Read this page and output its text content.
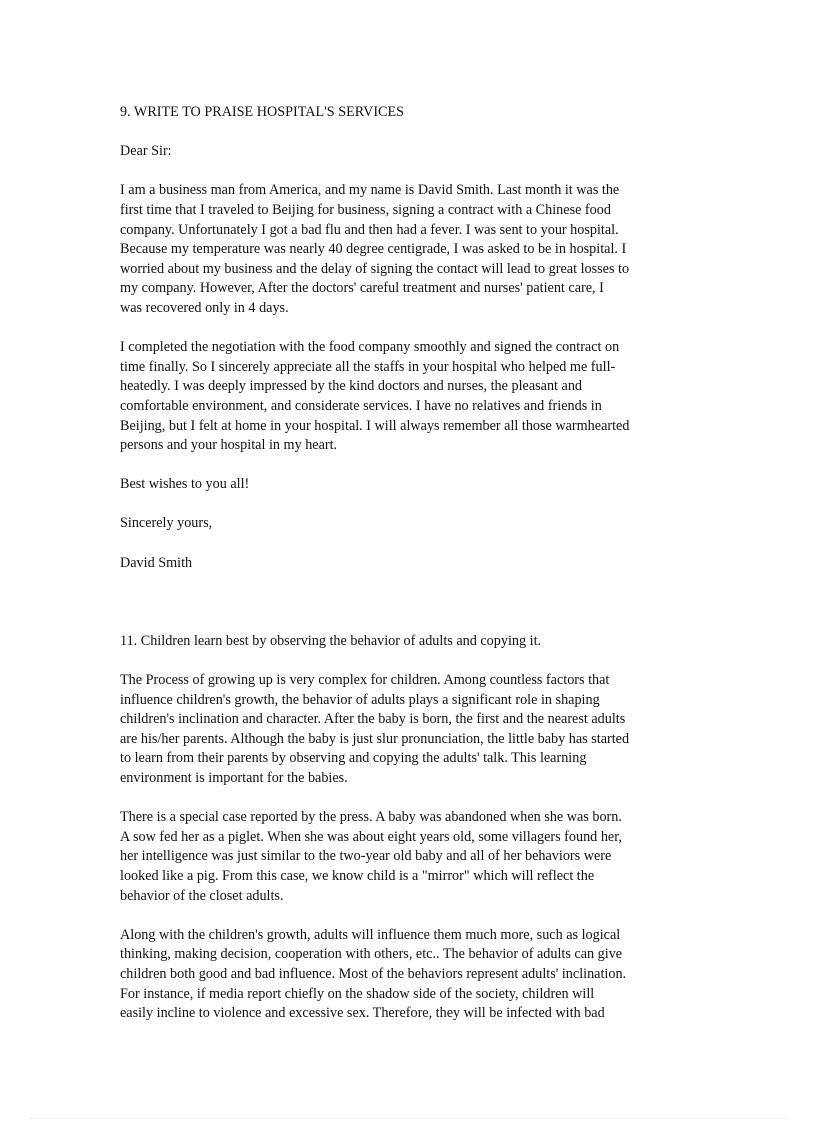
9. WRITE TO PRAISE HOSPITAL'S SERVICES
Dear Sir:
I am a business man from America, and my name is David Smith. Last month it was the
first time that I traveled to Beijing for business, signing a contract with a Chinese food
company. Unfortunately I got a bad flu and then had a fever. I was sent to your hospital.
Because my temperature was nearly 40 degree centigrade, I was asked to be in hospital. I
worried about my business and the delay of signing the contact will lead to great losses to
my company. However, After the doctors' careful treatment and nurses' patient care, I
was recovered only in 4 days.
I completed the negotiation with the food company smoothly and signed the contract on
time finally. So I sincerely appreciate all the staffs in your hospital who helped me full-
heatedly. I was deeply impressed by the kind doctors and nurses, the pleasant and
comfortable environment, and considerate services. I have no relatives and friends in
Beijing, but I felt at home in your hospital. I will always remember all those warmhearted
persons and your hospital in my heart.
Best wishes to you all!
Sincerely yours,
David Smith
11. Children learn best by observing the behavior of adults and copying it.
The Process of growing up is very complex for children. Among countless factors that
influence children's growth, the behavior of adults plays a significant role in shaping
children's inclination and character. After the baby is born, the first and the nearest adults
are his/her parents. Although the baby is just slur pronunciation, the little baby has started
to learn from their parents by observing and copying the adults' talk. This learning
environment is important for the babies.
There is a special case reported by the press. A baby was abandoned when she was born.
A sow fed her as a piglet. When she was about eight years old, some villagers found her,
her intelligence was just similar to the two-year old baby and all of her behaviors were
looked like a pig. From this case, we know child is a "mirror" which will reflect the
behavior of the closet adults.
Along with the children's growth, adults will influence them much more, such as logical
thinking, making decision, cooperation with others, etc.. The behavior of adults can give
children both good and bad influence. Most of the behaviors represent adults' inclination.
For instance, if media report chiefly on the shadow side of the society, children will
easily incline to violence and excessive sex. Therefore, they will be infected with bad
